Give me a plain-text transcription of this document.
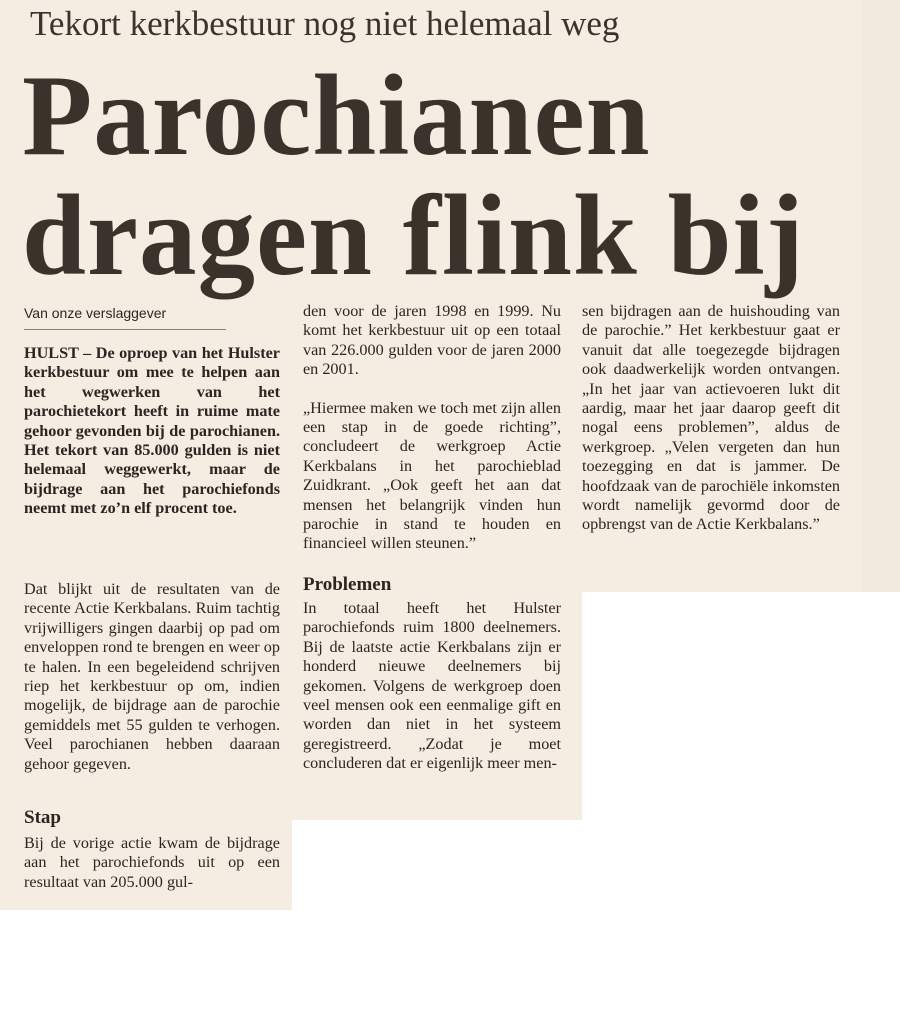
Tekort kerkbestuur nog niet helemaal weg
Parochianen
dragen flink bij
Van onze verslaggever

HULST – De oproep van het Hulster kerkbestuur om mee te helpen aan het wegwerken van het parochietekort heeft in ruime mate gehoor gevonden bij de parochianen. Het tekort van 85.000 gulden is niet helemaal weggewerkt, maar de bijdrage aan het parochiefonds neemt met zo’n elf procent toe.

Dat blijkt uit de resultaten van de recente Actie Kerkbalans. Ruim tachtig vrijwilligers gingen daarbij op pad om enveloppen rond te brengen en weer op te halen. In een begeleidend schrijven riep het kerkbestuur op om, indien mogelijk, de bijdrage aan de parochie gemiddels met 55 gulden te verhogen. Veel parochianen hebben daaraan gehoor gegeven.

Stap

Bij de vorige actie kwam de bijdrage aan het parochiefonds uit op een resultaat van 205.000 gul-

den voor de jaren 1998 en 1999. Nu komt het kerkbestuur uit op een totaal van 226.000 gulden voor de jaren 2000 en 2001.

„Hiermee maken we toch met zijn allen een stap in de goede richting”, concludeert de werkgroep Actie Kerkbalans in het parochieblad Zuidkrant. „Ook geeft het aan dat mensen het belangrijk vinden hun parochie in stand te houden en financieel willen steunen.”

Problemen

In totaal heeft het Hulster parochiefonds ruim 1800 deelnemers. Bij de laatste actie Kerkbalans zijn er honderd nieuwe deelnemers bij gekomen. Volgens de werkgroep doen veel mensen ook een eenmalige gift en worden dan niet in het systeem geregistreerd. „Zodat je moet concluderen dat er eigenlijk meer men-

sen bijdragen aan de huishouding van de parochie.” Het kerkbestuur gaat er vanuit dat alle toegezegde bijdragen ook daadwerkelijk worden ontvangen. „In het jaar van actievoeren lukt dit aardig, maar het jaar daarop geeft dit nogal eens problemen”, aldus de werkgroep. „Velen vergeten dan hun toezegging en dat is jammer. De hoofdzaak van de parochiële inkomsten wordt namelijk gevormd door de opbrengst van de Actie Kerkbalans.”
